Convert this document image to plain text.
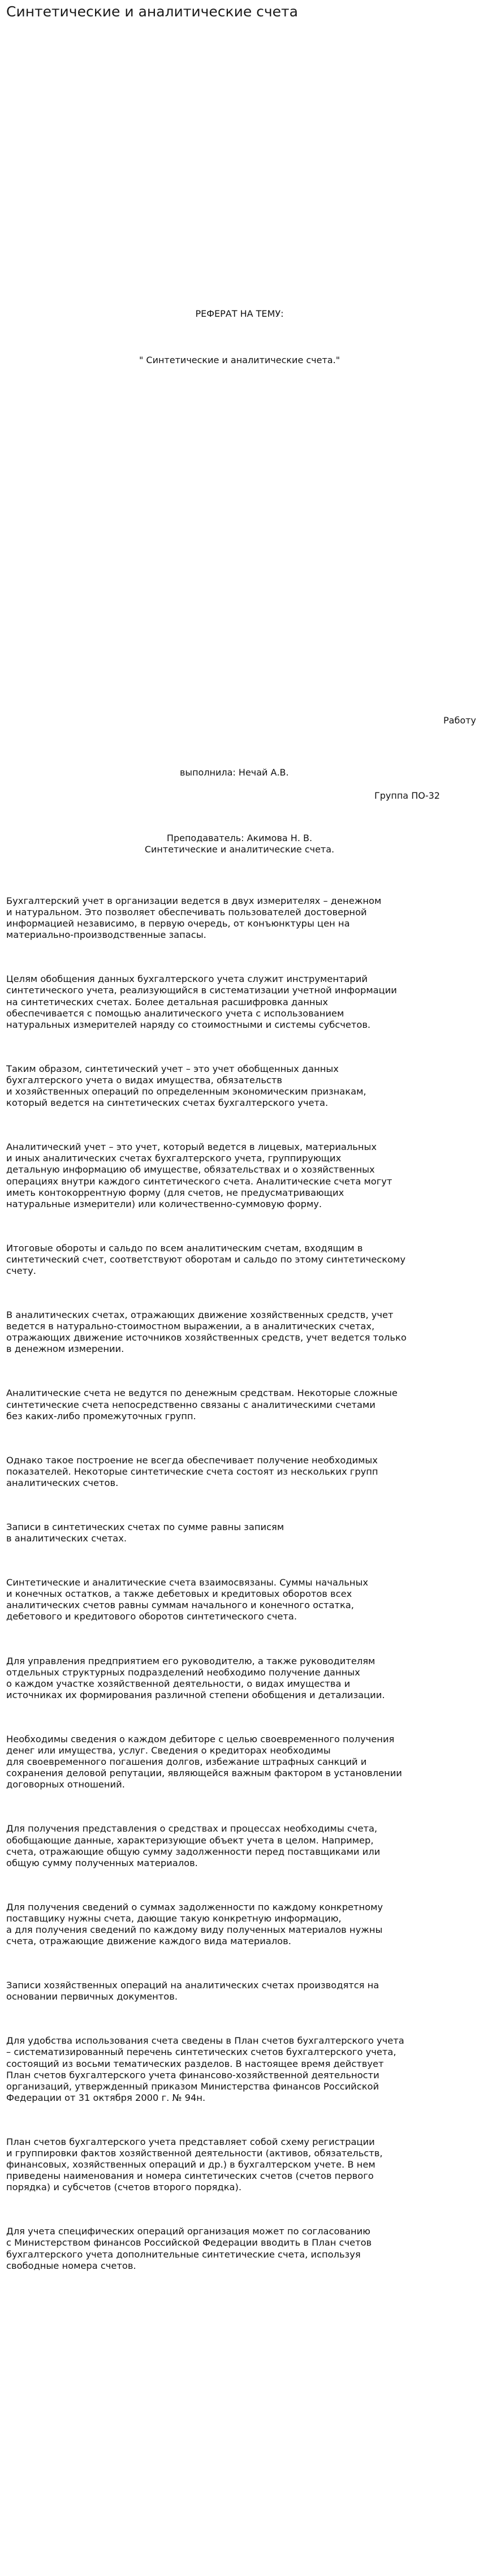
Синтетические и аналитические счета
РЕФЕРАТ НА ТЕМУ:
" Синтетические и аналитические счета."
Работу
выполнила: Нечай А.В.
Группа ПО-32
Преподаватель: Акимова Н. В.
Синтетические и аналитические счета.

Бухгалтерский учет в организации ведется в двух измерителях – денежном
и натуральном. Это позволяет обеспечивать пользователей достоверной
информацией независимо, в первую очередь, от конъюнктуры цен на
материально-производственные запасы.

Целям обобщения данных бухгалтерского учета служит инструментарий
синтетического учета, реализующийся в систематизации учетной информации
на синтетических счетах. Более детальная расшифровка данных
обеспечивается с помощью аналитического учета с использованием
натуральных измерителей наряду со стоимостными и системы субсчетов.

Таким образом, синтетический учет – это учет обобщенных данных
бухгалтерского учета о видах имущества, обязательств
и хозяйственных операций по определенным экономическим признакам,
который ведется на синтетических счетах бухгалтерского учета.

Аналитический учет – это учет, который ведется в лицевых, материальных
и иных аналитических счетах бухгалтерского учета, группирующих
детальную информацию об имуществе, обязательствах и о хозяйственных
операциях внутри каждого синтетического счета. Аналитические счета могут
иметь контокоррентную форму (для счетов, не предусматривающих
натуральные измерители) или количественно-суммовую форму.

Итоговые обороты и сальдо по всем аналитическим счетам, входящим в
синтетический счет, соответствуют оборотам и сальдо по этому синтетическому
счету.

В аналитических счетах, отражающих движение хозяйственных средств, учет
ведется в натурально-стоимостном выражении, а в аналитических счетах,
отражающих движение источников хозяйственных средств, учет ведется только
в денежном измерении.

Аналитические счета не ведутся по денежным средствам. Некоторые сложные
синтетические счета непосредственно связаны с аналитическими счетами
без каких-либо промежуточных групп.

Однако такое построение не всегда обеспечивает получение необходимых
показателей. Некоторые синтетические счета состоят из нескольких групп
аналитических счетов.

Записи в синтетических счетах по сумме равны записям
в аналитических счетах.

Синтетические и аналитические счета взаимосвязаны. Суммы начальных
и конечных остатков, а также дебетовых и кредитовых оборотов всех
аналитических счетов равны суммам начального и конечного остатка,
дебетового и кредитового оборотов синтетического счета.

Для управления предприятием его руководителю, а также руководителям
отдельных структурных подразделений необходимо получение данных
о каждом участке хозяйственной деятельности, о видах имущества и
источниках их формирования различной степени обобщения и детализации.

Необходимы сведения о каждом дебиторе с целью своевременного получения
денег или имущества, услуг. Сведения о кредиторах необходимы
для своевременного погашения долгов, избежание штрафных санкций и
сохранения деловой репутации, являющейся важным фактором в установлении
договорных отношений.

Для получения представления о средствах и процессах необходимы счета,
обобщающие данные, характеризующие объект учета в целом. Например,
счета, отражающие общую сумму задолженности перед поставщиками или
общую сумму полученных материалов.

Для получения сведений о суммах задолженности по каждому конкретному
поставщику нужны счета, дающие такую конкретную информацию,
а для получения сведений по каждому виду полученных материалов нужны
счета, отражающие движение каждого вида материалов.

Записи хозяйственных операций на аналитических счетах производятся на
основании первичных документов.

Для удобства использования счета сведены в План счетов бухгалтерского учета
– систематизированный перечень синтетических счетов бухгалтерского учета,
состоящий из восьми тематических разделов. В настоящее время действует
План счетов бухгалтерского учета финансово-хозяйственной деятельности
организаций, утвержденный приказом Министерства финансов Российской
Федерации от 31 октября 2000 г. № 94н.

План счетов бухгалтерского учета представляет собой схему регистрации
и группировки фактов хозяйственной деятельности (активов, обязательств,
финансовых, хозяйственных операций и др.) в бухгалтерском учете. В нем
приведены наименования и номера синтетических счетов (счетов первого
порядка) и субсчетов (счетов второго порядка).

Для учета специфических операций организация может по согласованию
с Министерством финансов Российской Федерации вводить в План счетов
бухгалтерского учета дополнительные синтетические счета, используя
свободные номера счетов.
